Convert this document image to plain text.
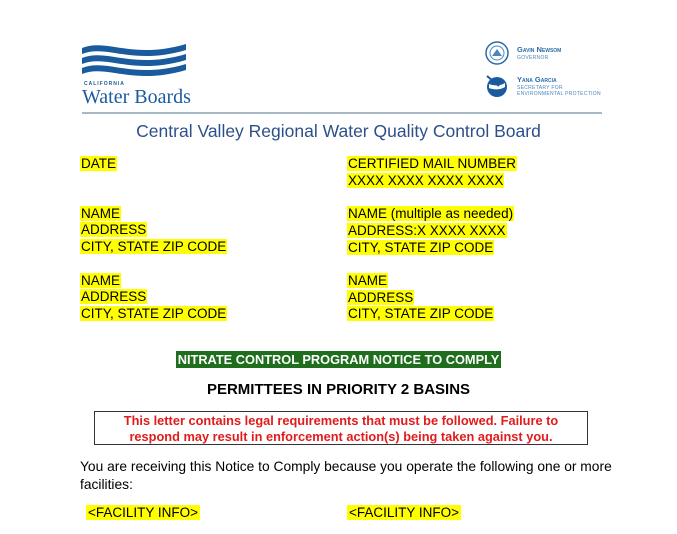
CALIFORNIA
Water Boards
Gavin Newsom
GOVERNOR
Yana Garcia
SECRETARY FOR
ENVIRONMENTAL PROTECTION
Central Valley Regional Water Quality Control Board
DATE
NAME
ADDRESS
CITY, STATE ZIP CODE
NAME
ADDRESS
CITY, STATE ZIP CODE
CERTIFIED MAIL NUMBER
XXXX XXXX XXXX XXXX
NAME (multiple as needed)
ADDRESS:X XXXX XXXX
CITY, STATE ZIP CODE
NAME
ADDRESS
CITY, STATE ZIP CODE
NITRATE CONTROL PROGRAM NOTICE TO COMPLY
PERMITTEES IN PRIORITY 2 BASINS
This letter contains legal requirements that must be followed. Failure to
respond may result in enforcement action(s) being taken against you.
You are receiving this Notice to Comply because you operate the following one or more facilities:
<FACILITY INFO>	<FACILITY INFO>
